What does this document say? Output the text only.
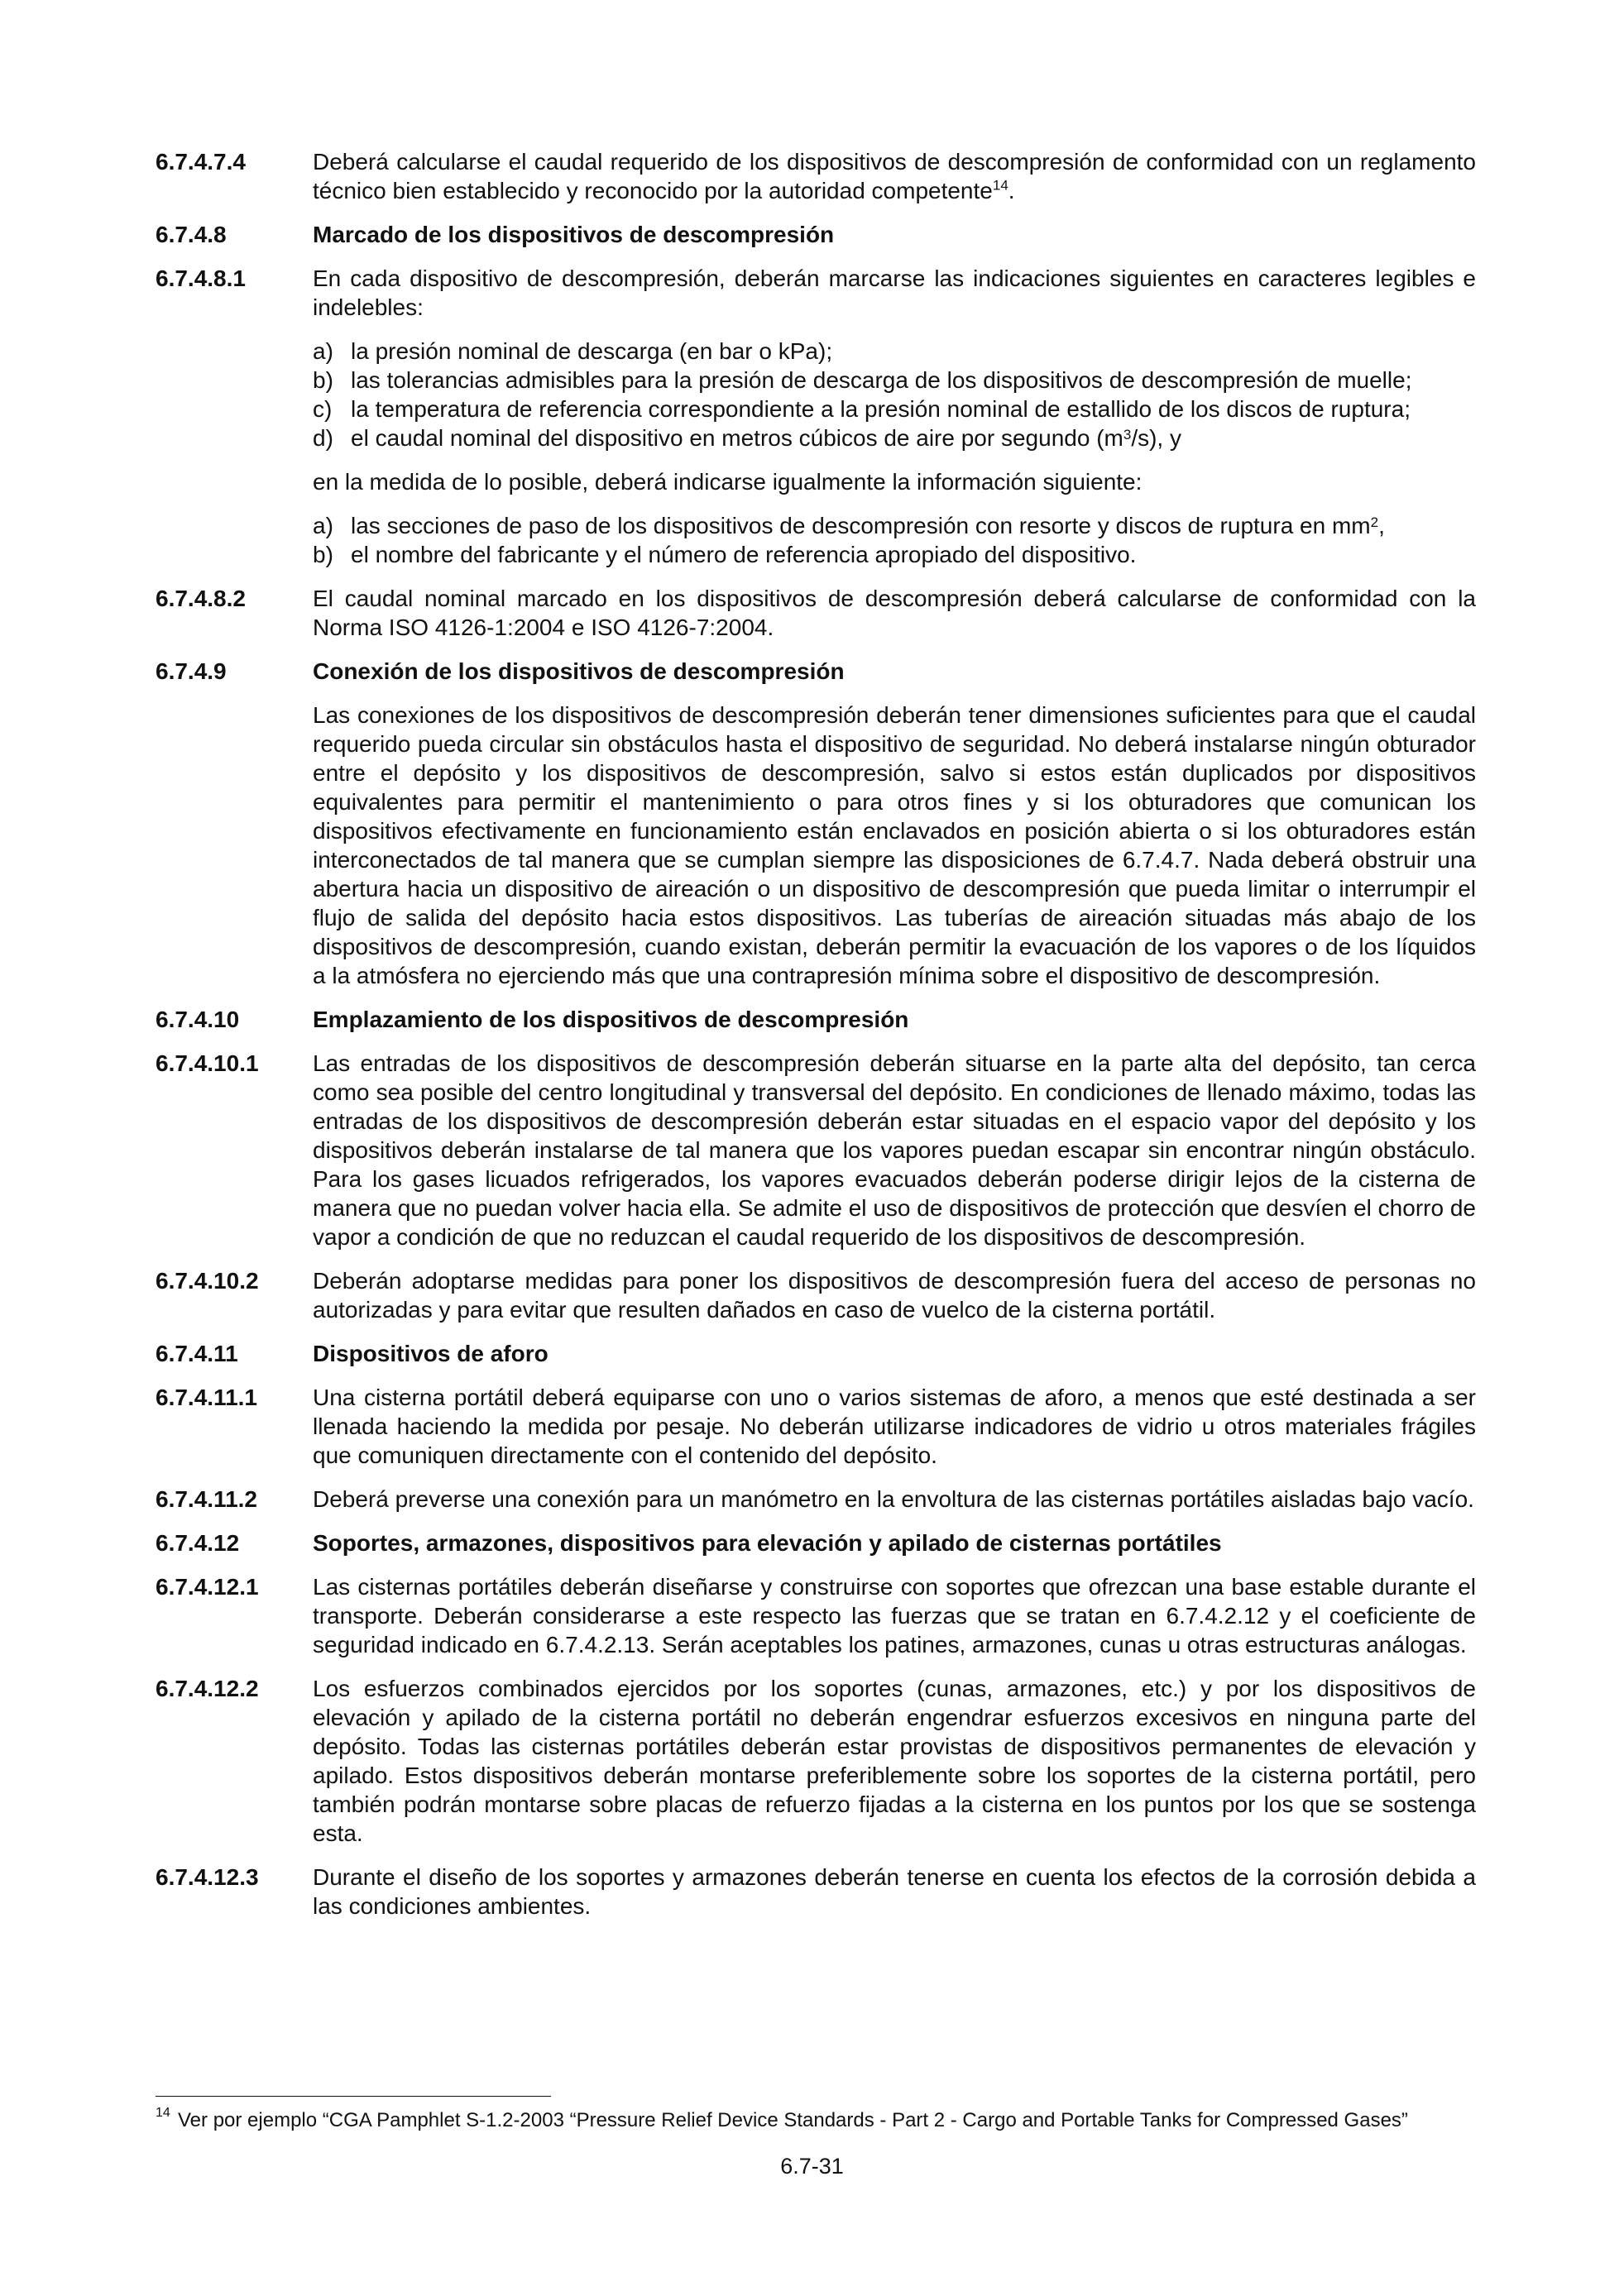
6.7.4.7.4	Deberá calcularse el caudal requerido de los dispositivos de descompresión de conformidad con un reglamento técnico bien establecido y reconocido por la autoridad competente$^{14}$.
6.7.4.8	Marcado de los dispositivos de descompresión
6.7.4.8.1	En cada dispositivo de descompresión, deberán marcarse las indicaciones siguientes en caracteres legibles e indelebles:
a) la presión nominal de descarga (en bar o kPa);
b) las tolerancias admisibles para la presión de descarga de los dispositivos de descompresión de muelle;
c) la temperatura de referencia correspondiente a la presión nominal de estallido de los discos de ruptura;
d) el caudal nominal del dispositivo en metros cúbicos de aire por segundo $(m^3/s)$, y
en la medida de lo posible, deberá indicarse igualmente la información siguiente:
a) las secciones de paso de los dispositivos de descompresión con resorte y discos de ruptura en $mm^2$,
b) el nombre del fabricante y el número de referencia apropiado del dispositivo.
6.7.4.8.2	El caudal nominal marcado en los dispositivos de descompresión deberá calcularse de conformidad con la Norma ISO 4126-1:2004 e ISO 4126-7:2004.
6.7.4.9	Conexión de los dispositivos de descompresión
Las conexiones de los dispositivos de descompresión deberán tener dimensiones suficientes para que el caudal requerido pueda circular sin obstáculos hasta el dispositivo de seguridad. No deberá instalarse ningún obturador entre el depósito y los dispositivos de descompresión, salvo si estos están duplicados por dispositivos equivalentes para permitir el mantenimiento o para otros fines y si los obturadores que comunican los dispositivos efectivamente en funcionamiento están enclavados en posición abierta o si los obturadores están interconectados de tal manera que se cumplan siempre las disposiciones de 6.7.4.7. Nada deberá obstruir una abertura hacia un dispositivo de aireación o un dispositivo de descompresión que pueda limitar o interrumpir el flujo de salida del depósito hacia estos dispositivos. Las tuberías de aireación situadas más abajo de los dispositivos de descompresión, cuando existan, deberán permitir la evacuación de los vapores o de los líquidos a la atmósfera no ejerciendo más que una contrapresión mínima sobre el dispositivo de descompresión.
6.7.4.10	Emplazamiento de los dispositivos de descompresión
6.7.4.10.1	Las entradas de los dispositivos de descompresión deberán situarse en la parte alta del depósito, tan cerca como sea posible del centro longitudinal y transversal del depósito. En condiciones de llenado máximo, todas las entradas de los dispositivos de descompresión deberán estar situadas en el espacio vapor del depósito y los dispositivos deberán instalarse de tal manera que los vapores puedan escapar sin encontrar ningún obstáculo. Para los gases licuados refrigerados, los vapores evacuados deberán poderse dirigir lejos de la cisterna de manera que no puedan volver hacia ella. Se admite el uso de dispositivos de protección que desvíen el chorro de vapor a condición de que no reduzcan el caudal requerido de los dispositivos de descompresión.
6.7.4.10.2	Deberán adoptarse medidas para poner los dispositivos de descompresión fuera del acceso de personas no autorizadas y para evitar que resulten dañados en caso de vuelco de la cisterna portátil.
6.7.4.11	Dispositivos de aforo
6.7.4.11.1	Una cisterna portátil deberá equiparse con uno o varios sistemas de aforo, a menos que esté destinada a ser llenada haciendo la medida por pesaje. No deberán utilizarse indicadores de vidrio u otros materiales frágiles que comuniquen directamente con el contenido del depósito.
6.7.4.11.2	Deberá preverse una conexión para un manómetro en la envoltura de las cisternas portátiles aisladas bajo vacío.
6.7.4.12	Soportes, armazones, dispositivos para elevación y apilado de cisternas portátiles
6.7.4.12.1	Las cisternas portátiles deberán diseñarse y construirse con soportes que ofrezcan una base estable durante el transporte. Deberán considerarse a este respecto las fuerzas que se tratan en 6.7.4.2.12 y el coeficiente de seguridad indicado en 6.7.4.2.13. Serán aceptables los patines, armazones, cunas u otras estructuras análogas.
6.7.4.12.2	Los esfuerzos combinados ejercidos por los soportes (cunas, armazones, etc.) y por los dispositivos de elevación y apilado de la cisterna portátil no deberán engendrar esfuerzos excesivos en ninguna parte del depósito. Todas las cisternas portátiles deberán estar provistas de dispositivos permanentes de elevación y apilado. Estos dispositivos deberán montarse preferiblemente sobre los soportes de la cisterna portátil, pero también podrán montarse sobre placas de refuerzo fijadas a la cisterna en los puntos por los que se sostenga esta.
6.7.4.12.3	Durante el diseño de los soportes y armazones deberán tenerse en cuenta los efectos de la corrosión debida a las condiciones ambientes.
14 Ver por ejemplo “CGA Pamphlet S-1.2-2003 “Pressure Relief Device Standards - Part 2 - Cargo and Portable Tanks for Compressed Gases”
6.7-31
